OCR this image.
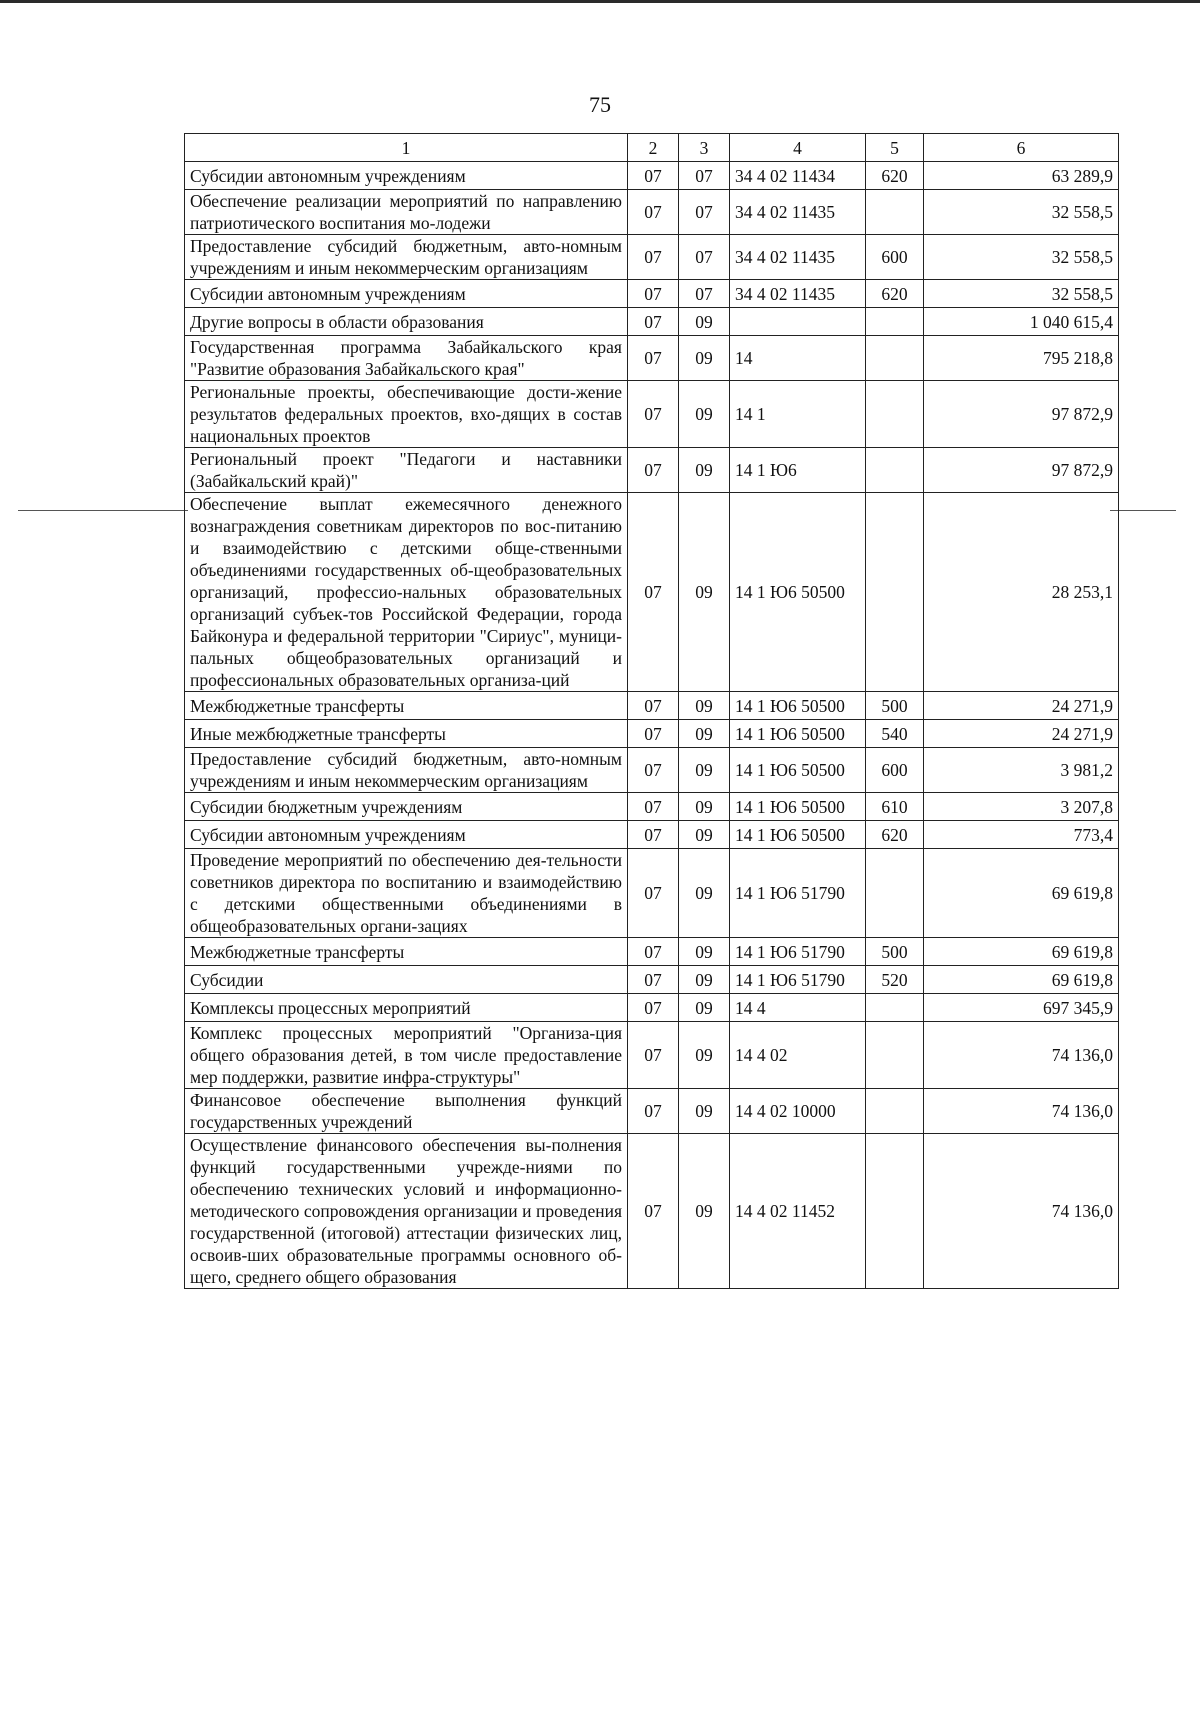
75
1	2	3	4	5	6
Субсидии автономным учреждениям	07	07	34 4 02 11434	620	63 289,9
Обеспечение реализации мероприятий по направлению патриотического воспитания мо-лодежи	07	07	34 4 02 11435		32 558,5
Предоставление субсидий бюджетным, авто-номным учреждениям и иным некоммерческим организациям	07	07	34 4 02 11435	600	32 558,5
Субсидии автономным учреждениям	07	07	34 4 02 11435	620	32 558,5
Другие вопросы в области образования	07	09			1 040 615,4
Государственная программа Забайкальского края "Развитие образования Забайкальского края"	07	09	14		795 218,8
Региональные проекты, обеспечивающие дости-жение результатов федеральных проектов, вхо-дящих в состав национальных проектов	07	09	14 1		97 872,9
Региональный проект "Педагоги и наставники (Забайкальский край)"	07	09	14 1 Ю6		97 872,9
Обеспечение выплат ежемесячного денежного вознаграждения советникам директоров по вос-питанию и взаимодействию с детскими обще-ственными объединениями государственных об-щеобразовательных организаций, профессио-нальных образовательных организаций субъек-тов Российской Федерации, города Байконура и федеральной территории "Сириус", муници-пальных общеобразовательных организаций и профессиональных образовательных организа-ций	07	09	14 1 Ю6 50500		28 253,1
Межбюджетные трансферты	07	09	14 1 Ю6 50500	500	24 271,9
Иные межбюджетные трансферты	07	09	14 1 Ю6 50500	540	24 271,9
Предоставление субсидий бюджетным, авто-номным учреждениям и иным некоммерческим организациям	07	09	14 1 Ю6 50500	600	3 981,2
Субсидии бюджетным учреждениям	07	09	14 1 Ю6 50500	610	3 207,8
Субсидии автономным учреждениям	07	09	14 1 Ю6 50500	620	773,4
Проведение мероприятий по обеспечению дея-тельности советников директора по воспитанию и взаимодействию с детскими общественными объединениями в общеобразовательных органи-зациях	07	09	14 1 Ю6 51790		69 619,8
Межбюджетные трансферты	07	09	14 1 Ю6 51790	500	69 619,8
Субсидии	07	09	14 1 Ю6 51790	520	69 619,8
Комплексы процессных мероприятий	07	09	14 4		697 345,9
Комплекс процессных мероприятий "Организа-ция общего образования детей, в том числе предоставление мер поддержки, развитие инфра-структуры"	07	09	14 4 02		74 136,0
Финансовое обеспечение выполнения функций государственных учреждений	07	09	14 4 02 10000		74 136,0
Осуществление финансового обеспечения вы-полнения функций государственными учрежде-ниями по обеспечению технических условий и информационно-методического сопровождения организации и проведения государственной (итоговой) аттестации физических лиц, освоив-ших образовательные программы основного об-щего, среднего общего образования	07	09	14 4 02 11452		74 136,0
